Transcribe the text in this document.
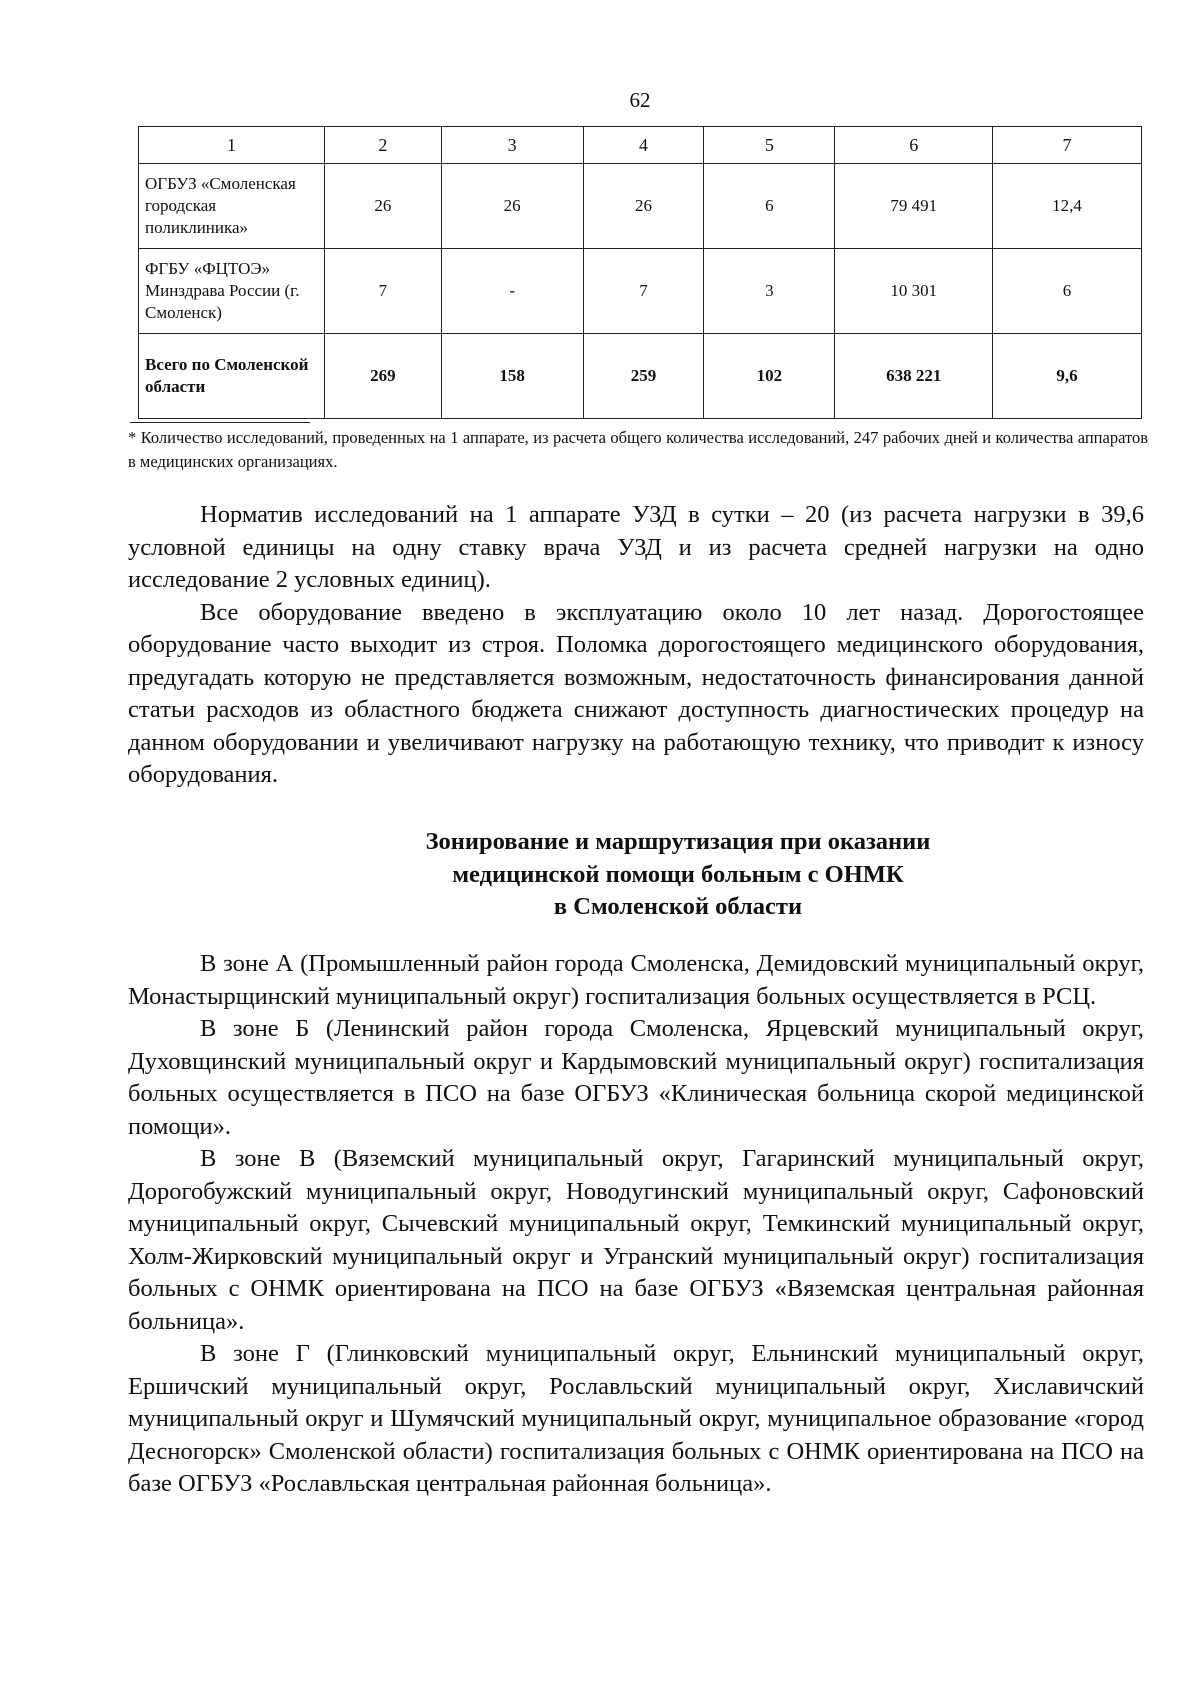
62
1	2	3	4	5	6	7
ОГБУЗ «Смоленская городская поликлиника»	26	26	26	6	79 491	12,4
ФГБУ «ФЦТОЭ» Минздрава России (г. Смоленск)	7	-	7	3	10 301	6
Всего по Смоленской области	269	158	259	102	638 221	9,6
* Количество исследований, проведенных на 1 аппарате, из расчета общего количества исследований, 247 рабочих дней и количества аппаратов в медицинских организациях.

Норматив исследований на 1 аппарате УЗД в сутки – 20 (из расчета нагрузки в 39,6 условной единицы на одну ставку врача УЗД и из расчета средней нагрузки на одно исследование 2 условных единиц).

Все оборудование введено в эксплуатацию около 10 лет назад. Дорогостоящее оборудование часто выходит из строя. Поломка дорогостоящего медицинского оборудования, предугадать которую не представляется возможным, недостаточность финансирования данной статьи расходов из областного бюджета снижают доступность диагностических процедур на данном оборудовании и увеличивают нагрузку на работающую технику, что приводит к износу оборудования.

Зонирование и маршрутизация при оказании
медицинской помощи больным с ОНМК
в Смоленской области

В зоне А (Промышленный район города Смоленска, Демидовский муниципальный округ, Монастырщинский муниципальный округ) госпитализация больных осуществляется в РСЦ.

В зоне Б (Ленинский район города Смоленска, Ярцевский муниципальный округ, Духовщинский муниципальный округ и Кардымовский муниципальный округ) госпитализация больных осуществляется в ПСО на базе ОГБУЗ «Клиническая больница скорой медицинской помощи».

В зоне В (Вяземский муниципальный округ, Гагаринский муниципальный округ, Дорогобужский муниципальный округ, Новодугинский муниципальный округ, Сафоновский муниципальный округ, Сычевский муниципальный округ, Темкинский муниципальный округ, Холм-Жирковский муниципальный округ и Угранский муниципальный округ) госпитализация больных с ОНМК ориентирована на ПСО на базе ОГБУЗ «Вяземская центральная районная больница».

В зоне Г (Глинковский муниципальный округ, Ельнинский муниципальный округ, Ершичский муниципальный округ, Рославльский муниципальный округ, Хиславичский муниципальный округ и Шумячский муниципальный округ, муниципальное образование «город Десногорск» Смоленской области) госпитализация больных с ОНМК ориентирована на ПСО на базе ОГБУЗ «Рославльская центральная районная больница».
